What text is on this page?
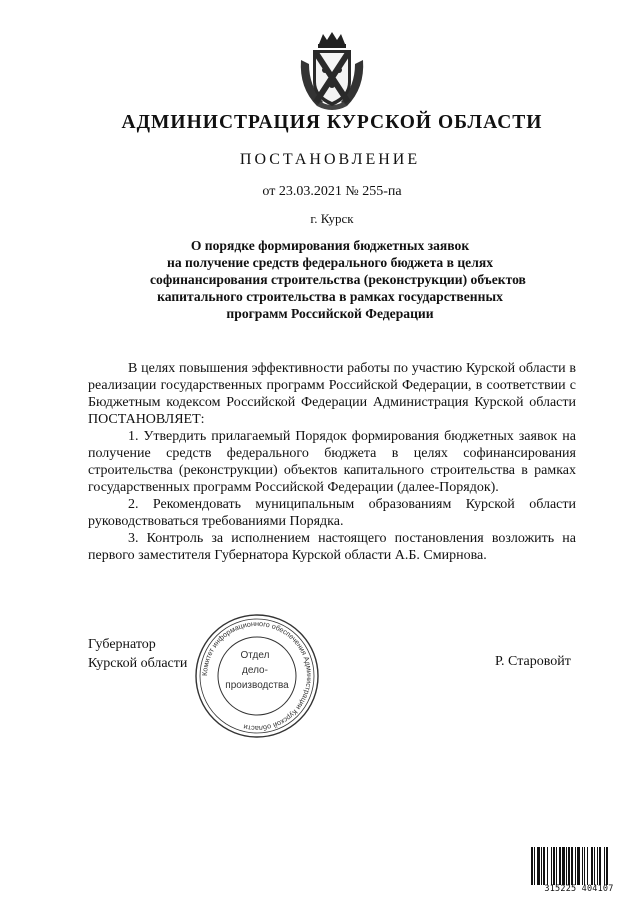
АДМИНИСТРАЦИЯ КУРСКОЙ ОБЛАСТИ
ПОСТАНОВЛЕНИЕ
от 23.03.2021 № 255-па
г. Курск
О порядке формирования бюджетных заявок
на получение средств федерального бюджета в целях
софинансирования строительства (реконструкции) объектов
капитального строительства в рамках государственных
программ Российской Федерации

В целях повышения эффективности работы по участию Курской области в реализации государственных программ Российской Федерации, в соответствии с Бюджетным кодексом Российской Федерации Администрация Курской области ПОСТАНОВЛЯЕТ:

1. Утвердить прилагаемый Порядок формирования бюджетных заявок на получение средств федерального бюджета в целях софинансирования строительства (реконструкции) объектов капитального строительства в рамках государственных программ Российской Федерации (далее-Порядок).

2. Рекомендовать муниципальным образованиям Курской области руководствоваться требованиями Порядка.

3. Контроль за исполнением настоящего постановления возложить на первого заместителя Губернатора Курской области А.Б. Смирнова.

Губернатор
Курской области	Р. Старовойт
Комитет информационного обеспечения Администрации Курской области
Отдел
дело-
производства
315225 404107
